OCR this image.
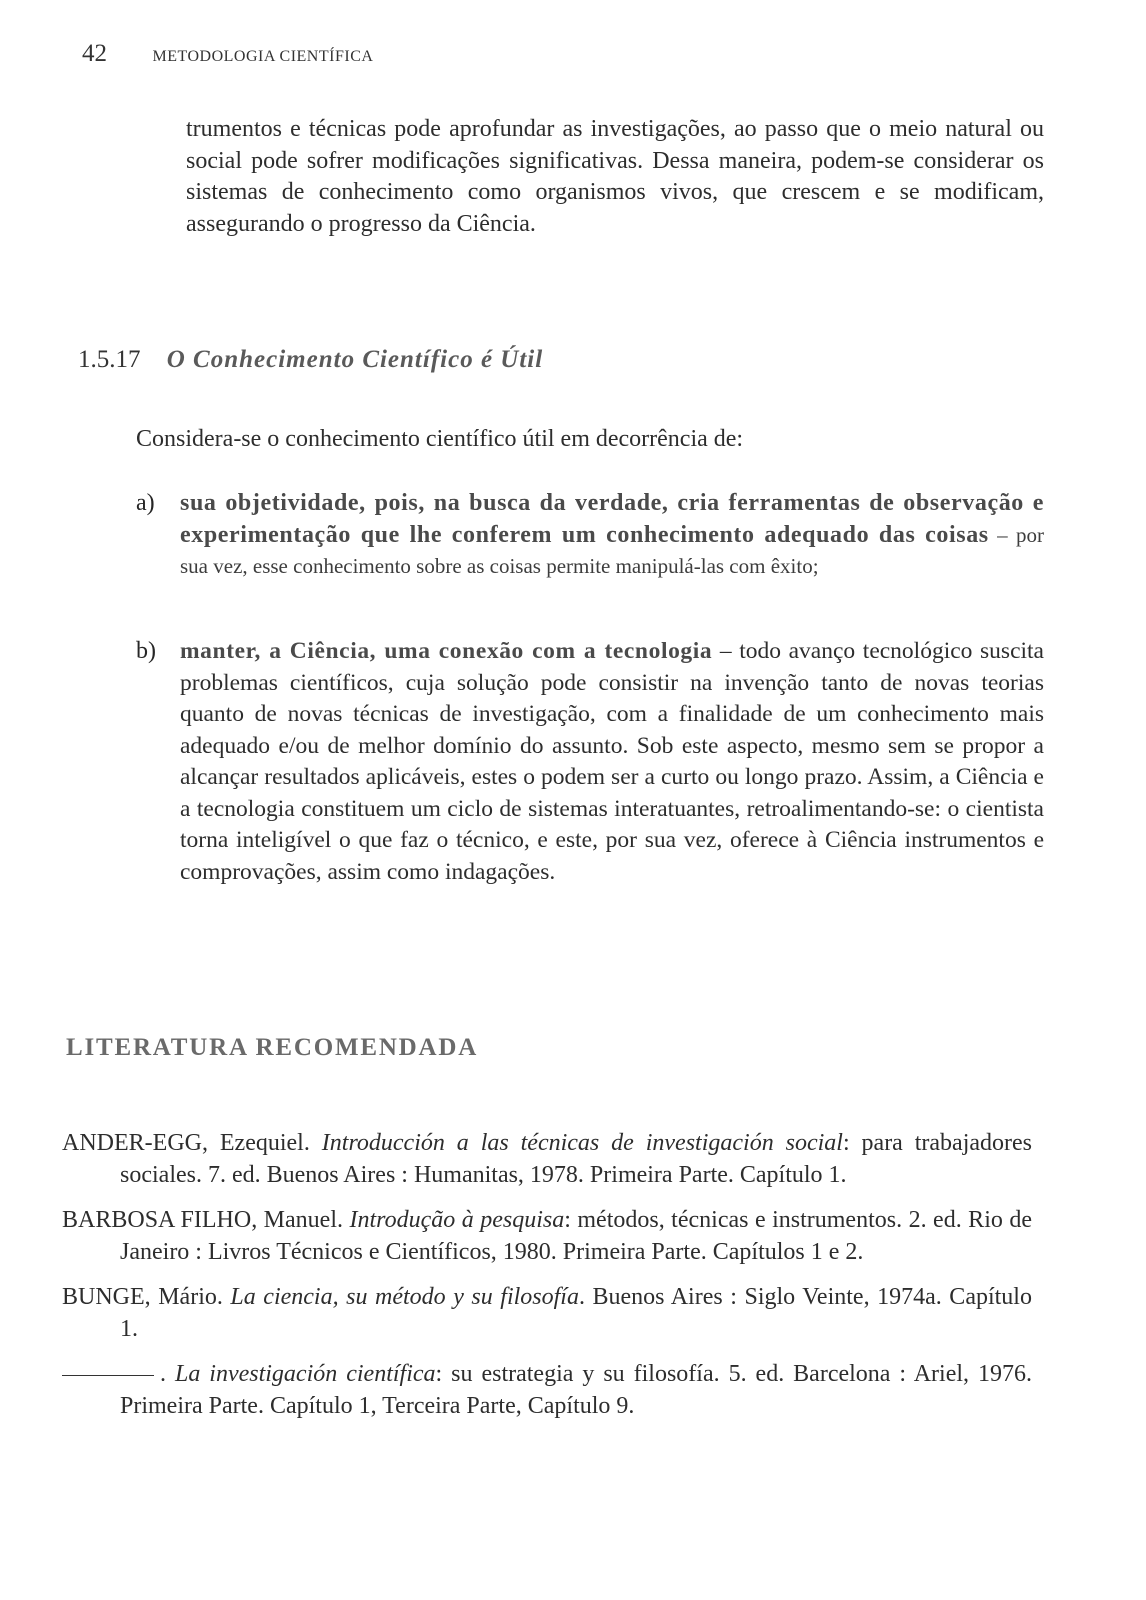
42	METODOLOGIA CIENTÍFICA

trumentos e técnicas pode aprofundar as investigações, ao passo que o meio natural ou social pode sofrer modificações significativas. Dessa maneira, podem-se considerar os sistemas de conhecimento como organismos vivos, que crescem e se modificam, assegurando o progresso da Ciência.

1.5.17 O Conhecimento Científico é Útil
Considera-se o conhecimento científico útil em decorrência de:
a) sua objetividade, pois, na busca da verdade, cria ferramentas de observação e experimentação que lhe conferem um conhecimento adequado das coisas – por sua vez, esse conhecimento sobre as coisas permite manipulá-las com êxito;
b) manter, a Ciência, uma conexão com a tecnologia – todo avanço tecnológico suscita problemas científicos, cuja solução pode consistir na invenção tanto de novas teorias quanto de novas técnicas de investigação, com a finalidade de um conhecimento mais adequado e/ou de melhor domínio do assunto. Sob este aspecto, mesmo sem se propor a alcançar resultados aplicáveis, estes o podem ser a curto ou longo prazo. Assim, a Ciência e a tecnologia constituem um ciclo de sistemas interatuantes, retroalimentando-se: o cientista torna inteligível o que faz o técnico, e este, por sua vez, oferece à Ciência instrumentos e comprovações, assim como indagações.
LITERATURA RECOMENDADA
ANDER-EGG, Ezequiel. Introducción a las técnicas de investigación social: para trabajadores sociales. 7. ed. Buenos Aires : Humanitas, 1978. Primeira Parte. Capítulo 1.
BARBOSA FILHO, Manuel. Introdução à pesquisa: métodos, técnicas e instrumentos. 2. ed. Rio de Janeiro : Livros Técnicos e Científicos, 1980. Primeira Parte. Capítulos 1 e 2.
BUNGE, Mário. La ciencia, su método y su filosofía. Buenos Aires : Siglo Veinte, 1974a. Capítulo 1.
. La investigación científica: su estrategia y su filosofía. 5. ed. Barcelona : Ariel, 1976. Primeira Parte. Capítulo 1, Terceira Parte, Capítulo 9.
